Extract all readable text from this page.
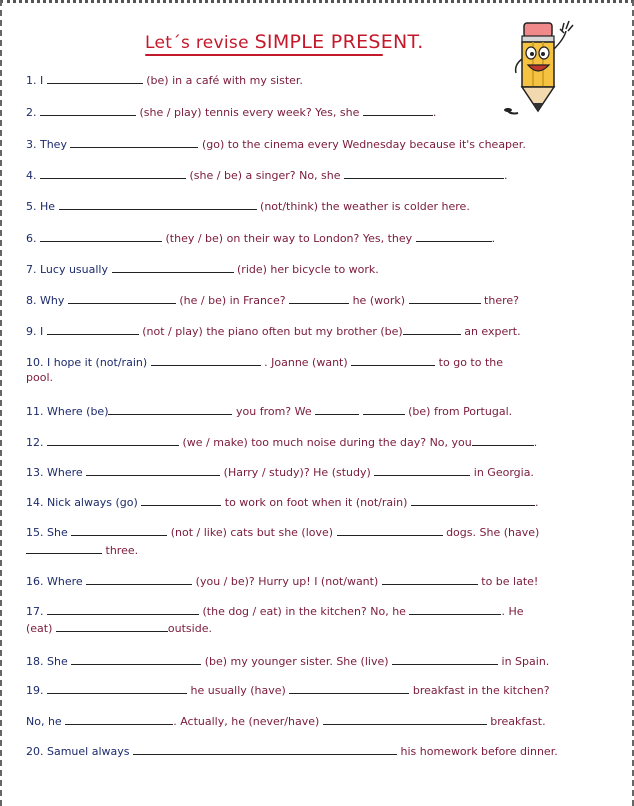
Let´s revise SIMPLE PRESENT.
1. I	(be) in a café with my sister.
2.	(she / play) tennis every week? Yes, she	.
3. They	(go) to the cinema every Wednesday because it's cheaper.
4.	(she / be) a singer? No, she	.
5. He	(not/think) the weather is colder here.
6.	(they / be) on their way to London? Yes, they	.
7. Lucy usually	(ride) her bicycle to work.
8. Why	(he / be) in France?	he (work)	there?
9. I	(not / play) the piano often but my brother (be)	an expert.
10. I hope it (not/rain)	. Joanne (want)	to go to the
pool.
11. Where (be)	you from? We	(be) from Portugal.
12.	(we / make) too much noise during the day? No, you	.
13. Where	(Harry / study)? He (study)	in Georgia.
14. Nick always (go)	to work on foot when it (not/rain)	.
15. She	(not / like) cats but she (love)	dogs. She (have)
three.
16. Where	(you / be)? Hurry up! I (not/want)	to be late!
17.	(the dog / eat) in the kitchen? No, he	. He
(eat)	outside.
18. She	(be) my younger sister. She (live)	in Spain.
19.	he usually (have)	breakfast in the kitchen?
No, he	. Actually, he (never/have)	breakfast.
20. Samuel always	his homework before dinner.
